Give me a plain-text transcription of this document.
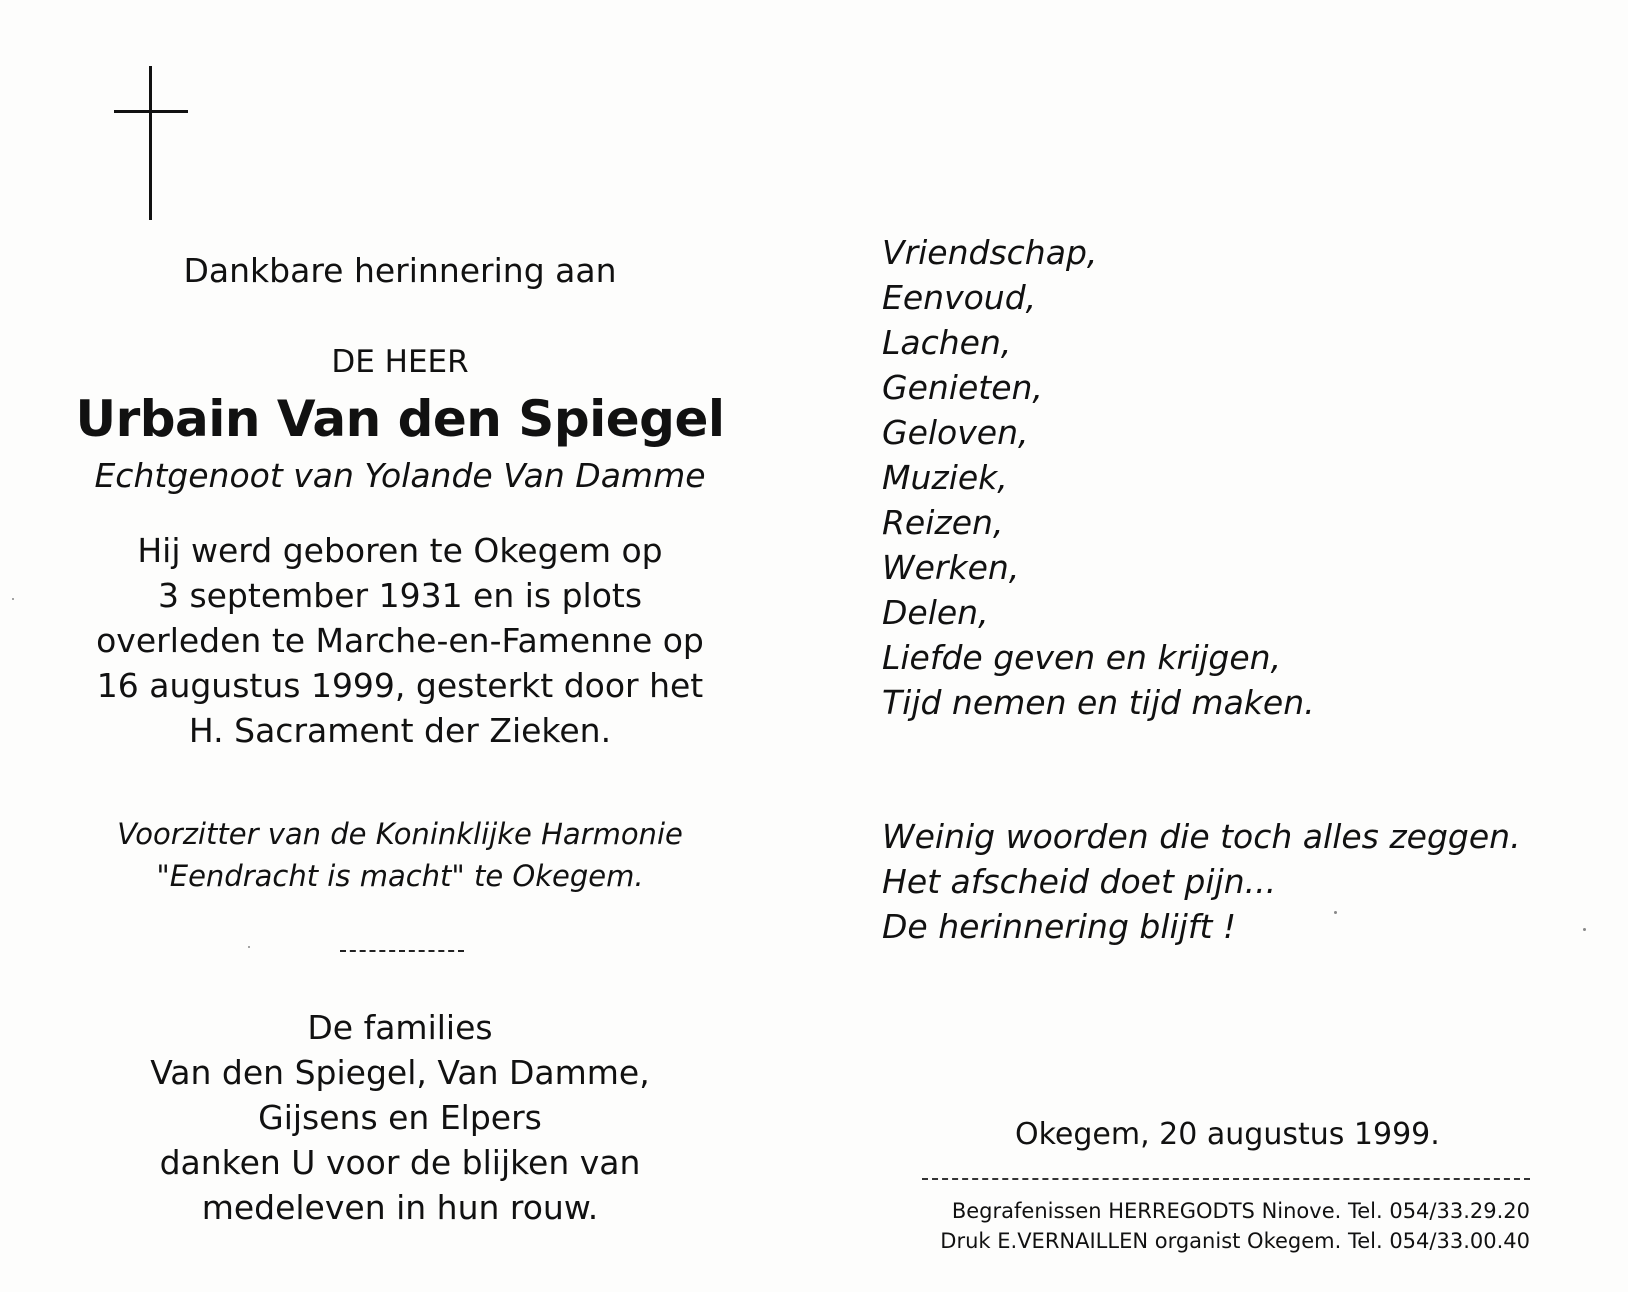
Dankbare herinnering aan
DE HEER
Urbain Van den Spiegel
Echtgenoot van Yolande Van Damme
Hij werd geboren te Okegem op
3 september 1931 en is plots
overleden te Marche-en-Famenne op
16 augustus 1999, gesterkt door het
H. Sacrament der Zieken.
Voorzitter van de Koninklijke Harmonie
"Eendracht is macht" te Okegem.
De families
Van den Spiegel, Van Damme,
Gijsens en Elpers
danken U voor de blijken van
medeleven in hun rouw.
Vriendschap,
Eenvoud,
Lachen,
Genieten,
Geloven,
Muziek,
Reizen,
Werken,
Delen,
Liefde geven en krijgen,
Tijd nemen en tijd maken.
Weinig woorden die toch alles zeggen.
Het afscheid doet pijn...
De herinnering blijft !
Okegem, 20 augustus 1999.
Begrafenissen HERREGODTS Ninove. Tel. 054/33.29.20
Druk E.VERNAILLEN organist Okegem. Tel. 054/33.00.40
